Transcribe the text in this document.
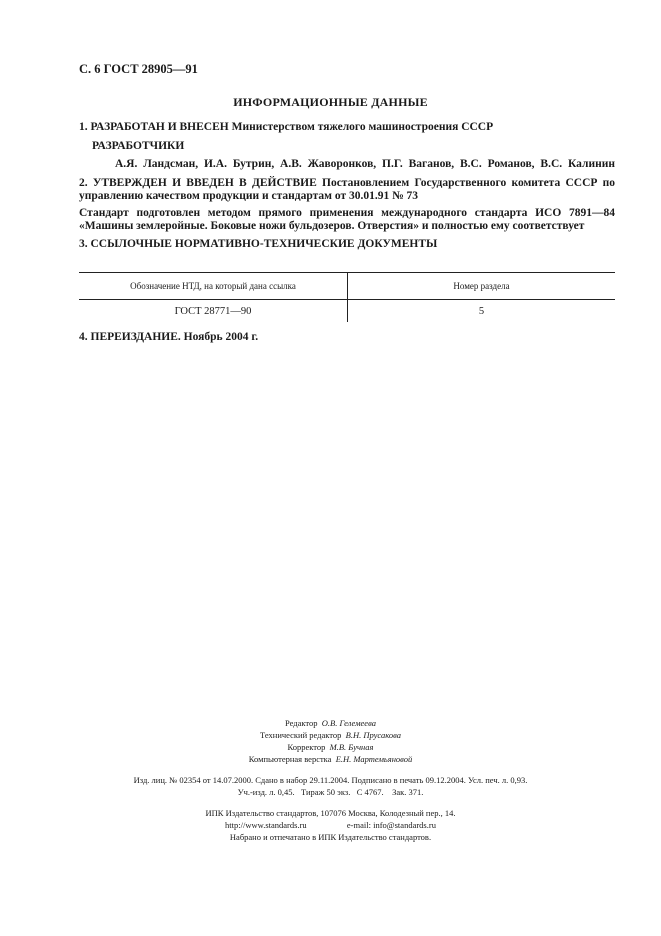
С. 6 ГОСТ 28905—91
ИНФОРМАЦИОННЫЕ ДАННЫЕ
1. РАЗРАБОТАН И ВНЕСЕН Министерством тяжелого машиностроения СССР
РАЗРАБОТЧИКИ
А.Я. Ландсман, И.А. Бутрин, А.В. Жаворонков, П.Г. Ваганов, В.С. Романов, В.С. Калинин
2. УТВЕРЖДЕН И ВВЕДЕН В ДЕЙСТВИЕ Постановлением Государственного комитета СССР по управлению качеством продукции и стандартам от 30.01.91 № 73
Стандарт подготовлен методом прямого применения международного стандарта ИСО 7891—84 «Машины землеройные. Боковые ножи бульдозеров. Отверстия» и полностью ему соответствует
3. ССЫЛОЧНЫЕ НОРМАТИВНО-ТЕХНИЧЕСКИЕ ДОКУМЕНТЫ
Обозначение НТД, на который дана ссылка	Номер раздела
ГОСТ 28771—90	5
4. ПЕРЕИЗДАНИЕ. Ноябрь 2004 г.
Редактор О.В. Гелемеева
Технический редактор В.Н. Прусакова
Корректор М.В. Бучная
Компьютерная верстка Е.Н. Мартемьяновой
Изд. лиц. № 02354 от 14.07.2000. Сдано в набор 29.11.2004. Подписано в печать 09.12.2004. Усл. печ. л. 0,93.
Уч.-изд. л. 0,45.   Тираж 50 экз.   С 4767.    Зак. 371.
ИПК Издательство стандартов, 107076 Москва, Колодезный пер., 14.
http://www.standards.ru	e-mail: info@standards.ru
Набрано и отпечатано в ИПК Издательство стандартов.
